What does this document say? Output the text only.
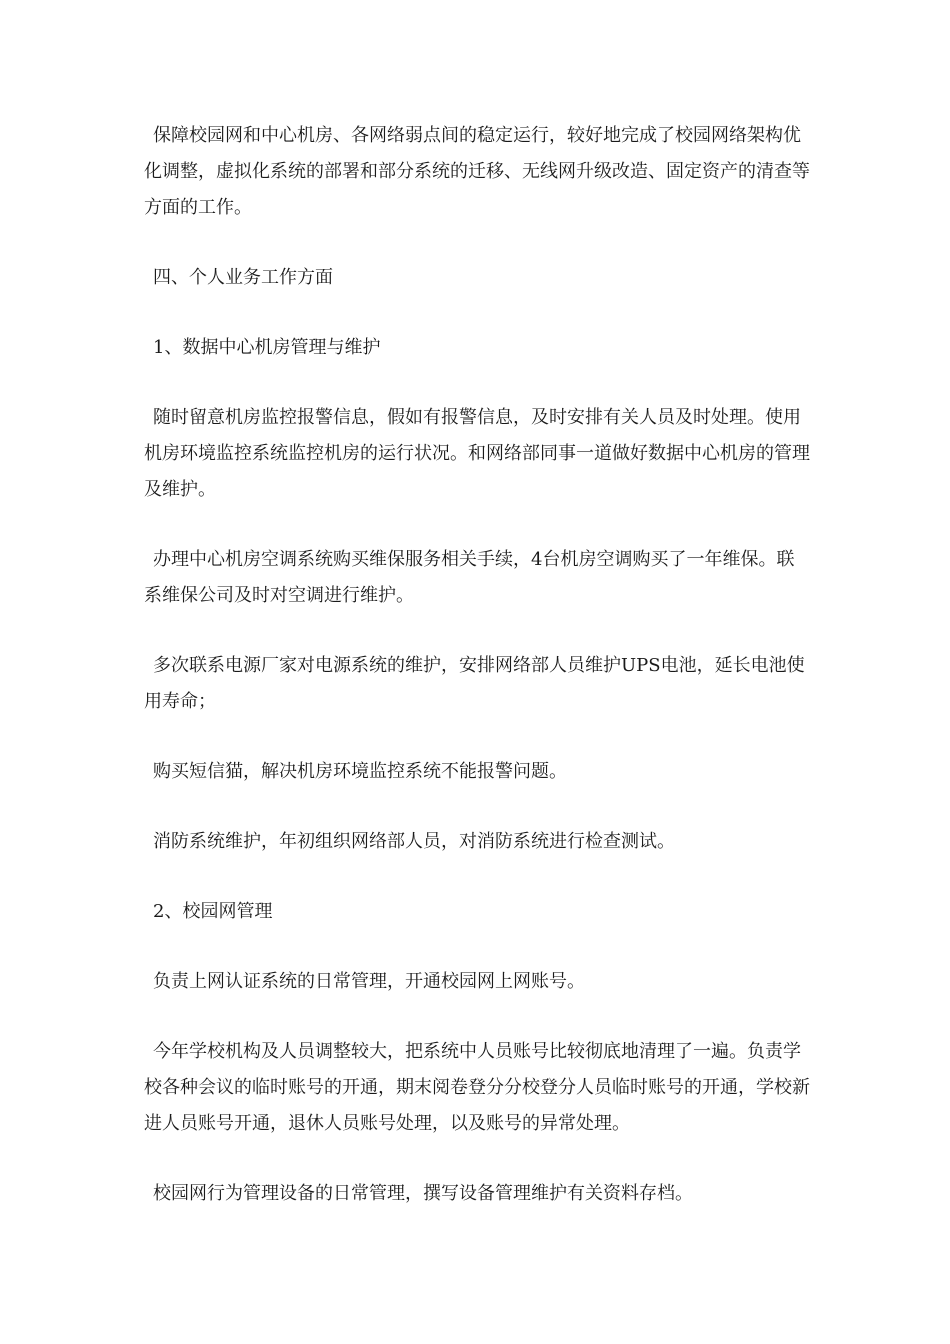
保障校园网和中心机房、各网络弱点间的稳定运行，较好地完成了校园网络架构优化调整，虚拟化系统的部署和部分系统的迁移、无线网升级改造、固定资产的清查等方面的工作。

四、个人业务工作方面

1、数据中心机房管理与维护

随时留意机房监控报警信息，假如有报警信息，及时安排有关人员及时处理。使用机房环境监控系统监控机房的运行状况。和网络部同事一道做好数据中心机房的管理及维护。

办理中心机房空调系统购买维保服务相关手续，4台机房空调购买了一年维保。联系维保公司及时对空调进行维护。

多次联系电源厂家对电源系统的维护，安排网络部人员维护UPS电池，延长电池使用寿命；

购买短信猫，解决机房环境监控系统不能报警问题。

消防系统维护，年初组织网络部人员，对消防系统进行检查测试。

2、校园网管理

负责上网认证系统的日常管理，开通校园网上网账号。

今年学校机构及人员调整较大，把系统中人员账号比较彻底地清理了一遍。负责学校各种会议的临时账号的开通，期末阅卷登分分校登分人员临时账号的开通，学校新进人员账号开通，退休人员账号处理，以及账号的异常处理。

校园网行为管理设备的日常管理，撰写设备管理维护有关资料存档。
